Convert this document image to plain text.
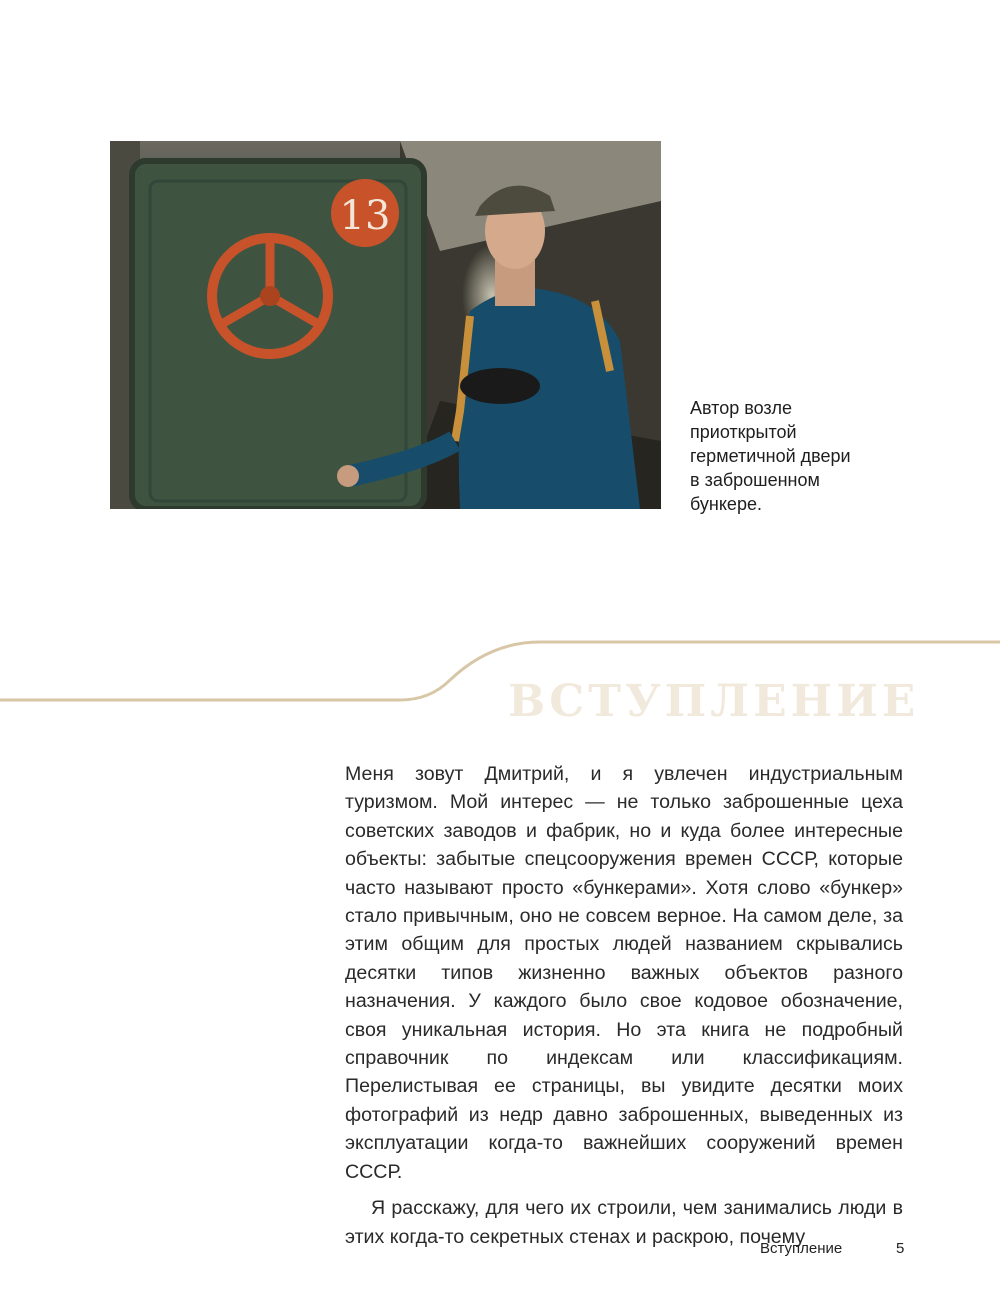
13
Автор возле
приоткрытой
герметичной двери
в заброшенном
бункере.
ВСТУПЛЕНИЕ

Меня зовут Дмитрий, и я увлечен индустриальным туризмом. Мой интерес — не только заброшенные цеха советских заводов и фабрик, но и куда более интересные объекты: забытые спецсооружения времен СССР, которые часто называют просто «бункерами». Хотя слово «бункер» стало привычным, оно не совсем верное. На самом деле, за этим общим для простых людей названием скрывались десятки типов жизненно важных объектов разного назначения. У каждого было свое кодовое обозначение, своя уникальная история. Но эта книга не подробный справочник по индексам или классификациям. Перелистывая ее страницы, вы увидите десятки моих фотографий из недр давно заброшенных, выведенных из эксплуатации когда-то важнейших сооружений времен СССР.

Я расскажу, для чего их строили, чем занимались люди в этих когда-то секретных стенах и раскрою, почему

Вступление	5
